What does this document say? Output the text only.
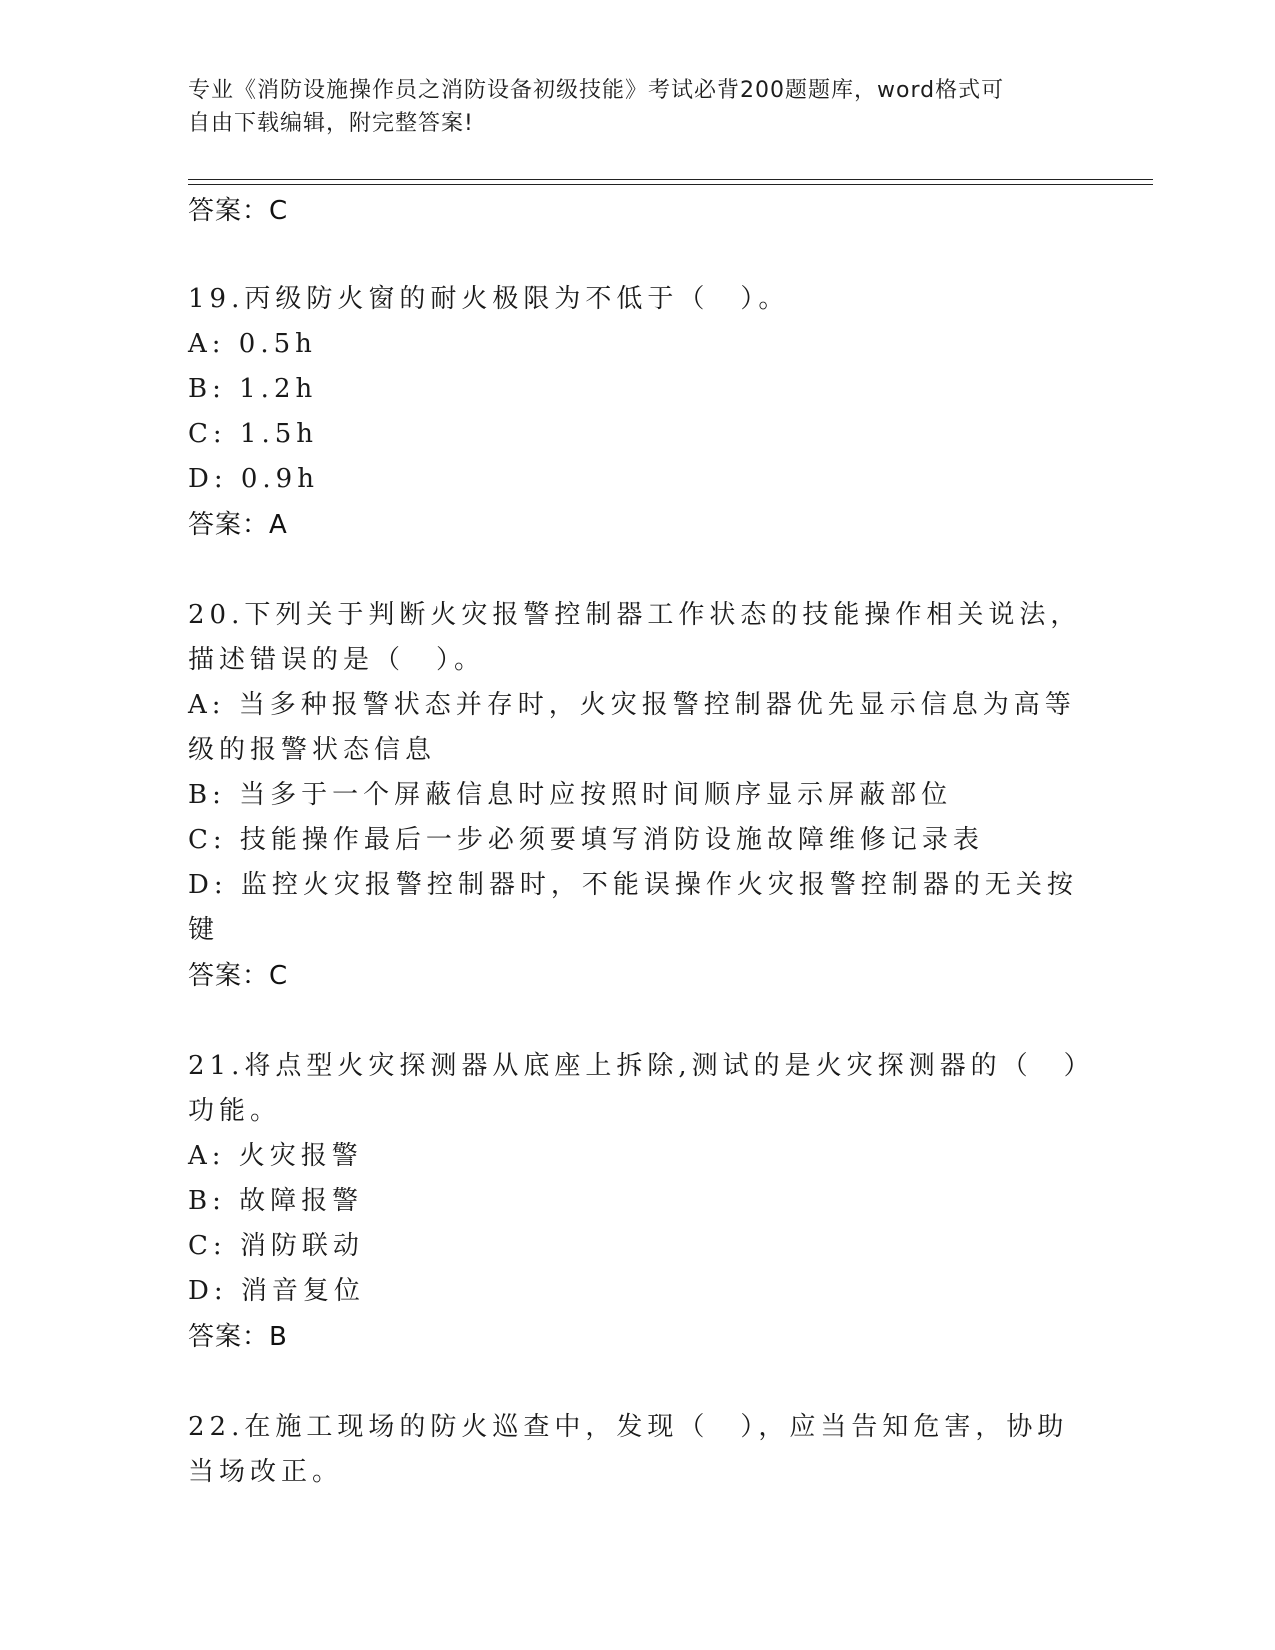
专业《消防设施操作员之消防设备初级技能》考试必背200题题库，word格式可
自由下载编辑，附完整答案!
答案：C
19.丙级防火窗的耐火极限为不低于（　）。
A: 0.5h
B: 1.2h
C: 1.5h
D: 0.9h
答案：A
20.下列关于判断火灾报警控制器工作状态的技能操作相关说法，描述错误的是（　）。
A: 当多种报警状态并存时，火灾报警控制器优先显示信息为高等级的报警状态信息
B: 当多于一个屏蔽信息时应按照时间顺序显示屏蔽部位
C: 技能操作最后一步必须要填写消防设施故障维修记录表
D: 监控火灾报警控制器时，不能误操作火灾报警控制器的无关按键
答案：C
21.将点型火灾探测器从底座上拆除,测试的是火灾探测器的（　）功能。
A: 火灾报警
B: 故障报警
C: 消防联动
D: 消音复位
答案：B
22.在施工现场的防火巡查中，发现（　），应当告知危害，协助当场改正。
